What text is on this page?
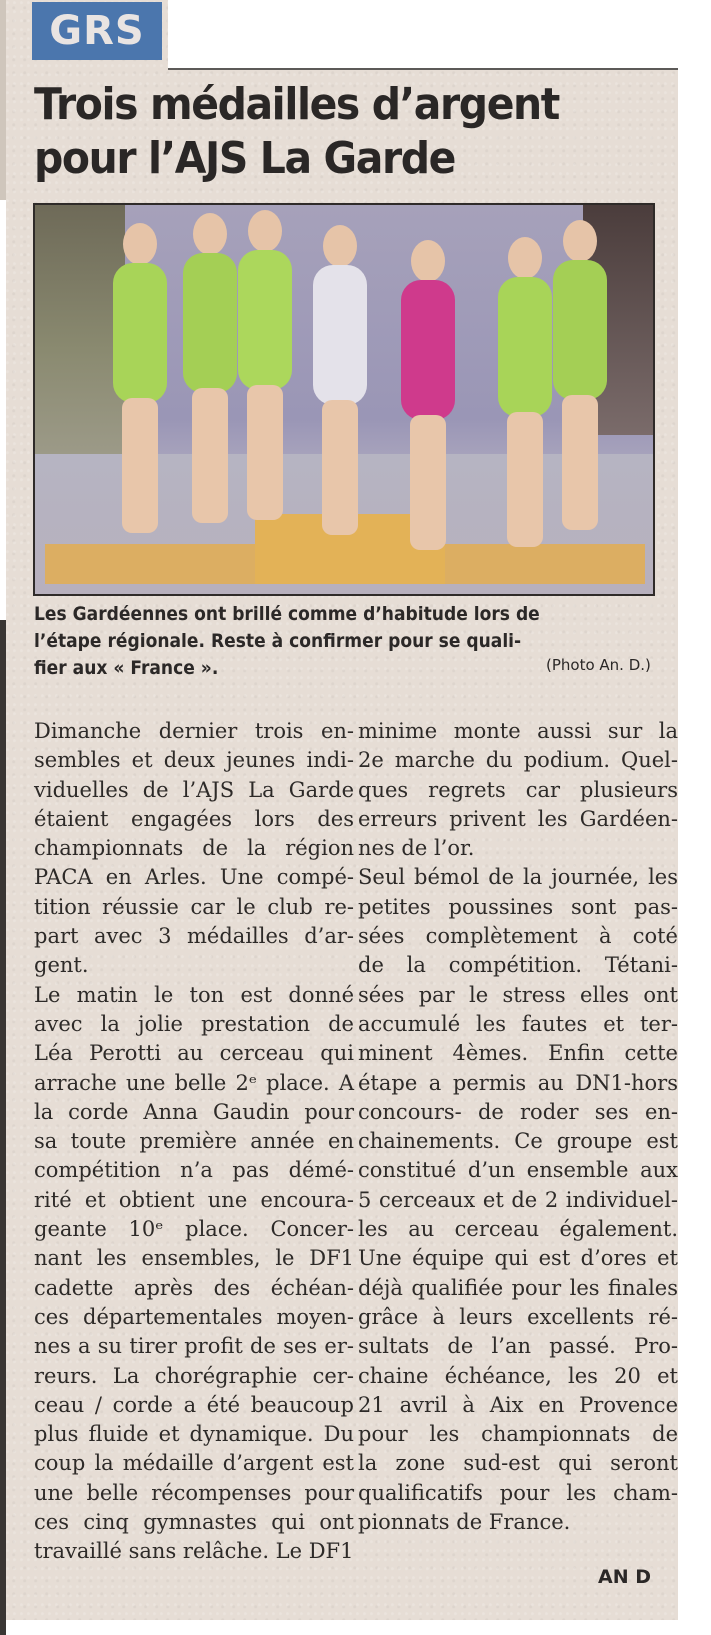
GRS
Trois médailles d’argent
pour l’AJS La Garde
Les Gardéennes ont brillé comme d’habitude lors de
l’étape régionale. Reste à confirmer pour se quali-
fier aux « France ».	(Photo An. D.)
Dimanche dernier trois en-
sembles et deux jeunes indi-
viduelles de l’AJS La Garde
étaient engagées lors des
championnats de la région
PACA en Arles. Une compé-
tition réussie car le club re-
part avec 3 médailles d’ar-
gent.
Le matin le ton est donné
avec la jolie prestation de
Léa Perotti au cerceau qui
arrache une belle 2ᵉ place. A
la corde Anna Gaudin pour
sa toute première année en
compétition n’a pas démé-
rité et obtient une encoura-
geante 10ᵉ place. Concer-
nant les ensembles, le DF1
cadette après des échéan-
ces départementales moyen-
nes a su tirer profit de ses er-
reurs. La chorégraphie cer-
ceau / corde a été beaucoup
plus fluide et dynamique. Du
coup la médaille d’argent est
une belle récompenses pour
ces cinq gymnastes qui ont
travaillé sans relâche. Le DF1
minime monte aussi sur la
2e marche du podium. Quel-
ques regrets car plusieurs
erreurs privent les Gardéen-
nes de l’or.
Seul bémol de la journée, les
petites poussines sont pas-
sées complètement à coté
de la compétition. Tétani-
sées par le stress elles ont
accumulé les fautes et ter-
minent 4èmes. Enfin cette
étape a permis au DN1-hors
concours- de roder ses en-
chainements. Ce groupe est
constitué d’un ensemble aux
5 cerceaux et de 2 individuel-
les au cerceau également.
Une équipe qui est d’ores et
déjà qualifiée pour les finales
grâce à leurs excellents ré-
sultats de l’an passé. Pro-
chaine échéance, les 20 et
21 avril à Aix en Provence
pour les championnats de
la zone sud-est qui seront
qualificatifs pour les cham-
pionnats de France.
AN D
